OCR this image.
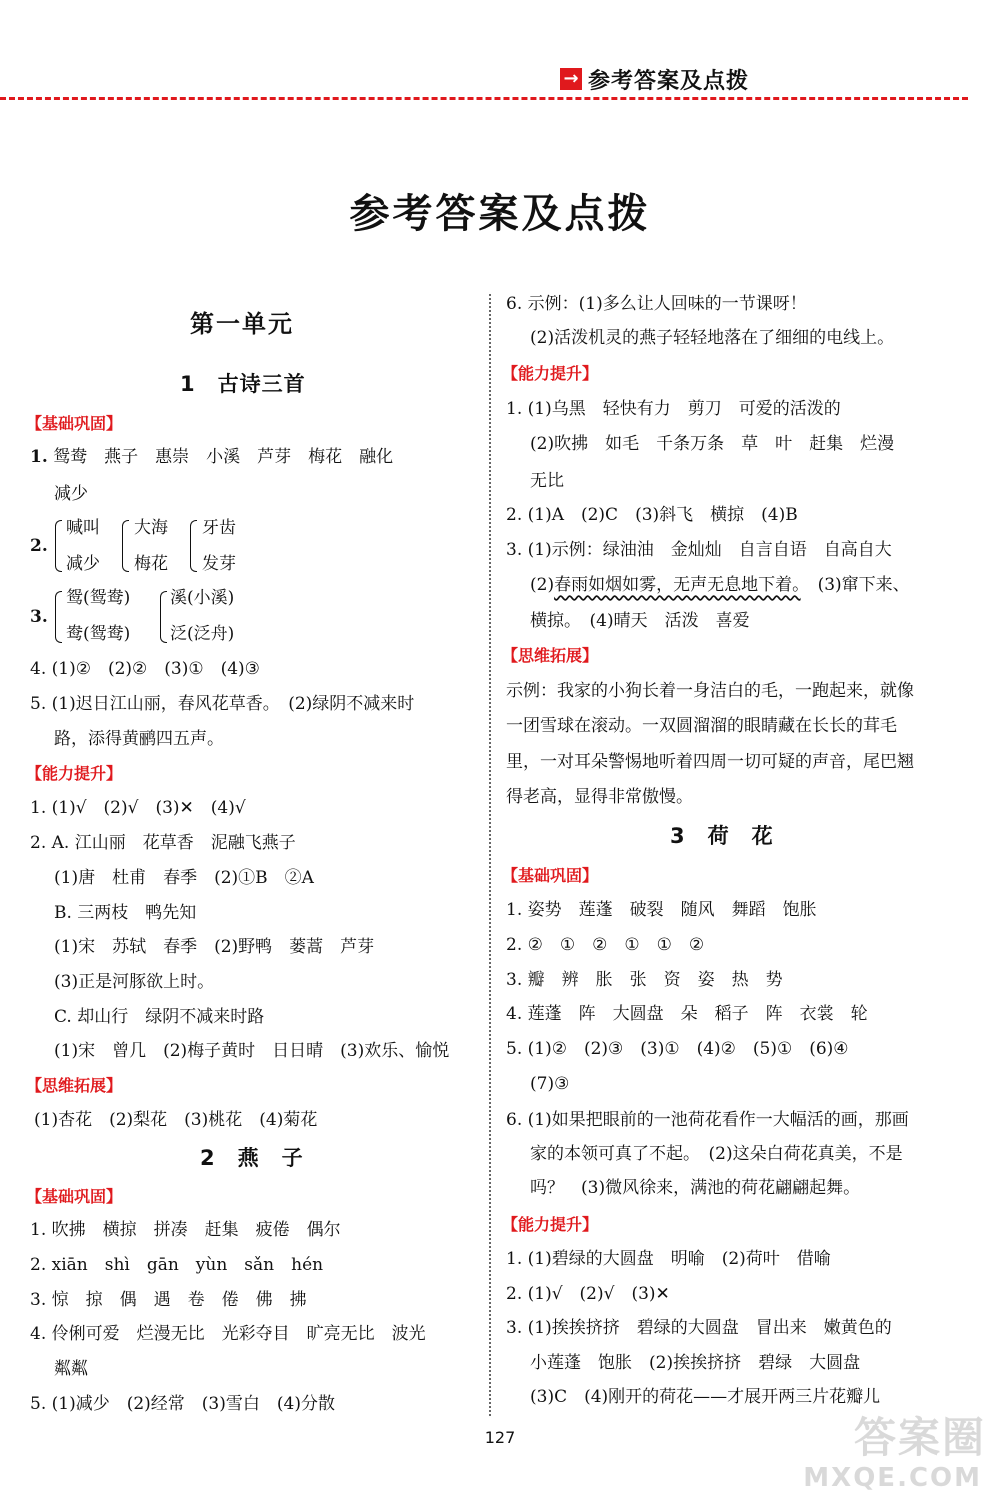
→ 参考答案及点拨
参考答案及点拨
第一单元
1　古诗三首
【基础巩固】
1. 鸳鸯　燕子　惠崇　小溪　芦芽　梅花　融化
减少
2.
喊叫
减少
大海
梅花
牙齿
发芽
3.
鸳(鸳鸯)
鸯(鸳鸯)
溪(小溪)
泛(泛舟)
4. (1)②　(2)②　(3)①　(4)③
5. (1)迟日江山丽，春风花草香。　(2)绿阴不减来时
路，添得黄鹂四五声。
【能力提升】
1. (1)√　(2)√　(3)✕　(4)√
2. A. 江山丽　花草香　泥融飞燕子
(1)唐　杜甫　春季　(2)①B　②A
B. 三两枝　鸭先知
(1)宋　苏轼　春季　(2)野鸭　蒌蒿　芦芽
(3)正是河豚欲上时。
C. 却山行　绿阴不减来时路
(1)宋　曾几　(2)梅子黄时　日日晴　(3)欢乐、愉悦
【思维拓展】
(1)杏花　(2)梨花　(3)桃花　(4)菊花
2　燕　子
【基础巩固】
1. 吹拂　横掠　拼凑　赶集　疲倦　偶尔
2. xiān　shì　gān　yùn　sǎn　hén
3. 惊　掠　偶　遇　卷　倦　佛　拂
4. 伶俐可爱　烂漫无比　光彩夺目　旷亮无比　波光
粼粼
5. (1)减少　(2)经常　(3)雪白　(4)分散
6. 示例：(1)多么让人回味的一节课呀！
(2)活泼机灵的燕子轻轻地落在了细细的电线上。
【能力提升】
1. (1)乌黑　轻快有力　剪刀　可爱的活泼的
(2)吹拂　如毛　千条万条　草　叶　赶集　烂漫
无比
2. (1)A　(2)C　(3)斜飞　横掠　(4)B
3. (1)示例：绿油油　金灿灿　自言自语　自高自大
(2)春雨如烟如雾，无声无息地下着。　 (3)窜下来、
横掠。　(4)晴天　活泼　喜爱
【思维拓展】
示例：我家的小狗长着一身洁白的毛，一跑起来，就像
一团雪球在滚动。一双圆溜溜的眼睛藏在长长的茸毛
里，一对耳朵警惕地听着四周一切可疑的声音，尾巴翘
得老高，显得非常傲慢。
3　荷　花
【基础巩固】
1. 姿势　莲蓬　破裂　随风　舞蹈　饱胀
2. ②　①　②　①　①　②
3. 瓣　辨　胀　张　资　姿　热　势
4. 莲蓬　阵　大圆盘　朵　稻子　阵　衣裳　轮
5. (1)②　(2)③　(3)①　(4)②　(5)①　(6)④
(7)③
6. (1)如果把眼前的一池荷花看作一大幅活的画，那画
家的本领可真了不起。　(2)这朵白荷花真美，不是
吗？　(3)微风徐来，满池的荷花翩翩起舞。
【能力提升】
1. (1)碧绿的大圆盘　明喻　(2)荷叶　借喻
2. (1)√　(2)√　(3)✕
3. (1)挨挨挤挤　碧绿的大圆盘　冒出来　嫩黄色的
小莲蓬　饱胀　(2)挨挨挤挤　碧绿　大圆盘
(3)C　(4)刚开的荷花——才展开两三片花瓣儿
127	答案圈
MXQE.COM
